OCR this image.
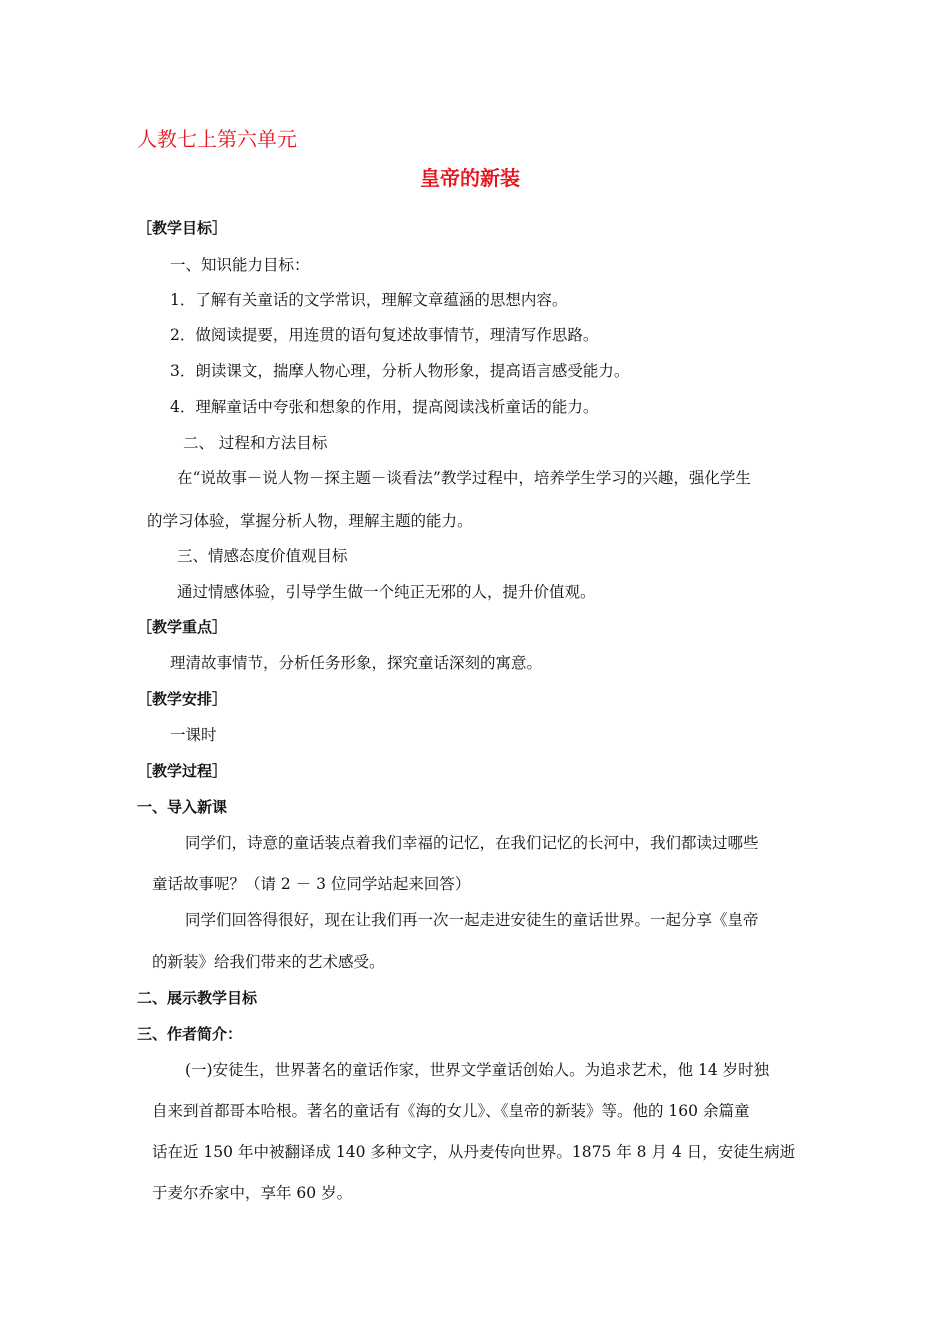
人教七上第六单元
皇帝的新装
［教学目标］
一、知识能力目标：
1．了解有关童话的文学常识，理解文章蕴涵的思想内容。
2．做阅读提要，用连贯的语句复述故事情节，理清写作思路。
3．朗读课文，揣摩人物心理，分析人物形象，提高语言感受能力。
4．理解童话中夸张和想象的作用，提高阅读浅析童话的能力。
二、 过程和方法目标
在“说故事－说人物－探主题－谈看法”教学过程中，培养学生学习的兴趣，强化学生
的学习体验，掌握分析人物，理解主题的能力。
三、情感态度价值观目标
通过情感体验，引导学生做一个纯正无邪的人，提升价值观。
［教学重点］
理清故事情节，分析任务形象，探究童话深刻的寓意。
［教学安排］
一课时
［教学过程］
一、导入新课
同学们，诗意的童话装点着我们幸福的记忆，在我们记忆的长河中，我们都读过哪些
童话故事呢？（请 2 － 3 位同学站起来回答）
同学们回答得很好，现在让我们再一次一起走进安徒生的童话世界。一起分享《皇帝
的新装》给我们带来的艺术感受。
二、展示教学目标
三、作者简介：
(一)安徒生，世界著名的童话作家，世界文学童话创始人。为追求艺术，他 14 岁时独
自来到首都哥本哈根。著名的童话有《海的女儿》、《皇帝的新装》等。他的 160 余篇童
话在近 150 年中被翻译成 140 多种文字，从丹麦传向世界。1875 年 8 月 4 日，安徒生病逝
于麦尔乔家中，享年 60 岁。
